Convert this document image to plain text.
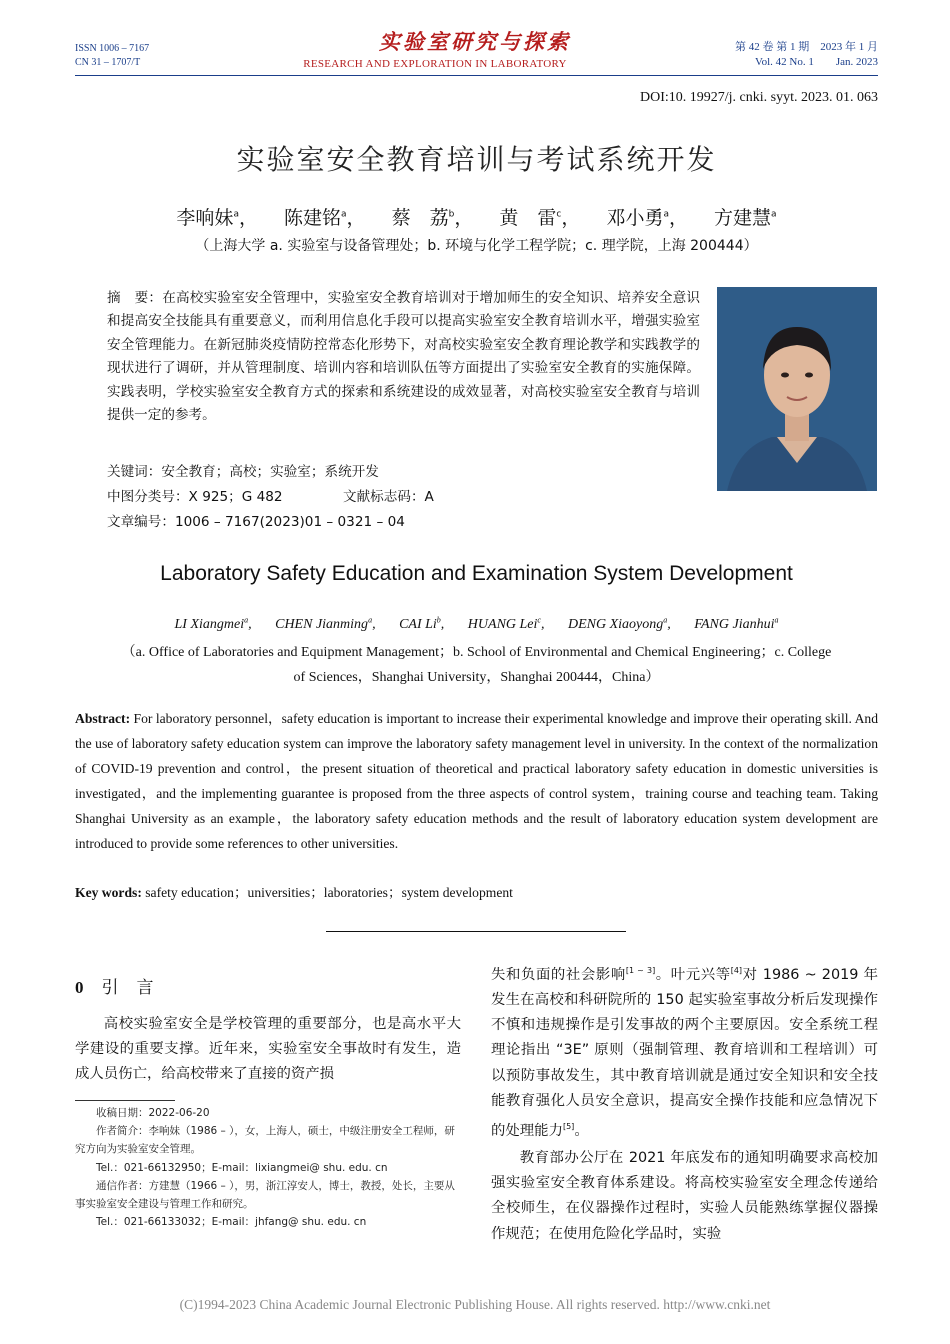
ISSN 1006 – 7167
CN 31 – 1707/T
实验室研究与探索
RESEARCH AND EXPLORATION IN LABORATORY
第 42 卷 第 1 期　2023 年 1 月
Vol. 42 No. 1　　Jan. 2023
DOI:10. 19927/j. cnki. syyt. 2023. 01. 063
实验室安全教育培训与考试系统开发
李响妹$^a$， 陈建铭$^a$， 蔡　荔$^b$， 黄　雷$^c$， 邓小勇$^a$， 方建慧$^a$
（上海大学 a. 实验室与设备管理处；b. 环境与化学工程学院；c. 理学院，上海 200444）
摘　要：在高校实验室安全管理中，实验室安全教育培训对于增加师生的安全知识、培养安全意识和提高安全技能具有重要意义，而利用信息化手段可以提高实验室安全教育培训水平，增强实验室安全管理能力。在新冠肺炎疫情防控常态化形势下，对高校实验室安全教育理论教学和实践教学的现状进行了调研，并从管理制度、培训内容和培训队伍等方面提出了实验室安全教育的实施保障。实践表明，学校实验室安全教育方式的探索和系统建设的成效显著，对高校实验室安全教育与培训提供一定的参考。
关键词：安全教育；高校；实验室；系统开发
中图分类号：X 925；G 482	文献标志码：A
文章编号：1006 – 7167(2023)01 – 0321 – 04
Laboratory Safety Education and Examination System Development
LI Xiangmei$^a$, CHEN Jianming$^a$, CAI Li$^b$, HUANG Lei$^c$, DENG Xiaoyong$^a$, FANG Jianhui$^a$
（a. Office of Laboratories and Equipment Management；b. School of Environmental and Chemical Engineering；c. College of Sciences，Shanghai University，Shanghai 200444，China）
Abstract: For laboratory personnel，safety education is important to increase their experimental knowledge and improve their operating skill. And the use of laboratory safety education system can improve the laboratory safety management level in university. In the context of the normalization of COVID-19 prevention and control，the present situation of theoretical and practical laboratory safety education in domestic universities is investigated，and the implementing guarantee is proposed from the three aspects of control system，training course and teaching team. Taking Shanghai University as an example，the laboratory safety education methods and the result of laboratory education system development are introduced to provide some references to other universities.
Key words: safety education；universities；laboratories；system development
0 引言
高校实验室安全是学校管理的重要部分，也是高水平大学建设的重要支撑。近年来，实验室安全事故时有发生，造成人员伤亡，给高校带来了直接的资产损

收稿日期：2022-06-20

作者简介：李响妹（1986 – ），女，上海人，硕士，中级注册安全工程师，研究方向为实验室安全管理。

Tel.：021-66132950；E-mail：lixiangmei@ shu. edu. cn

通信作者：方建慧（1966 – ），男，浙江淳安人，博士，教授，处长，主要从事实验室安全建设与管理工作和研究。

Tel.：021-66133032；E-mail：jhfang@ shu. edu. cn

失和负面的社会影响[1 ~ 3]。叶元兴等[4]对 1986 ~ 2019 年发生在高校和科研院所的 150 起实验室事故分析后发现操作不慎和违规操作是引发事故的两个主要原因。安全系统工程理论指出 “3E” 原则（强制管理、教育培训和工程培训）可以预防事故发生，其中教育培训就是通过安全知识和安全技能教育强化人员安全意识，提高安全操作技能和应急情况下的处理能力[5]。

教育部办公厅在 2021 年底发布的通知明确要求高校加强实验室安全教育体系建设。将高校实验室安全理念传递给全校师生，在仪器操作过程时，实验人员能熟练掌握仪器操作规范；在使用危险化学品时，实验

(C)1994-2023 China Academic Journal Electronic Publishing House. All rights reserved. http://www.cnki.net
